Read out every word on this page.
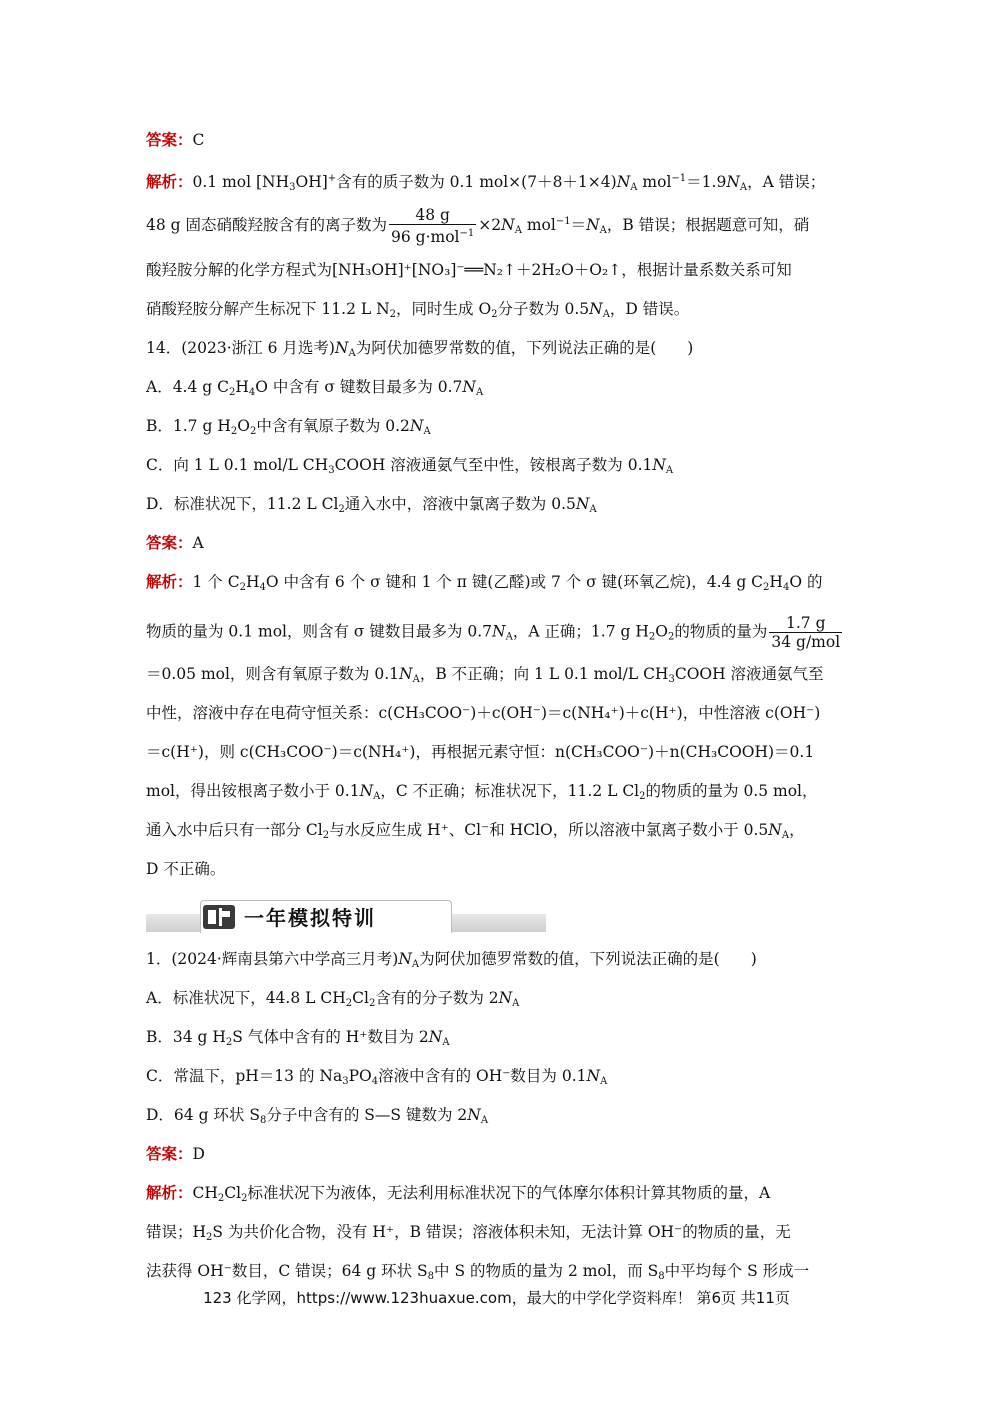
答案：C
解析：0.1 mol $[NH_3OH]^+$含有的质子数为 0.1 $mol\times(7+8+1\times 4)N_A$ $mol^{-1}=1.9N_A$，A 错误；
48 g 固态硝酸羟胺含有的离子数为 $\frac{48 g}{96 g\cdot mol^{-1}} \times 2N_A$ $mol^{-1}=N_A$，B 错误；根据题意可知，硝
酸羟胺分解的化学方程式为[NH₃OH]⁺[NO₃]⁻══N₂↑＋2H₂O＋O₂↑，根据计量系数关系可知
硝酸羟胺分解产生标况下 11.2 L $N_2$，同时生成 $O_2$分子数为 $0.5N_A$，D 错误。
14．(2023·浙江 6 月选考)$N_A$为阿伏加德罗常数的值，下列说法正确的是(　　)
A．4.4 g $C_2H_4O$ 中含有 σ 键数目最多为 $0.7N_A$
B．1.7 g $H_2O_2$中含有氧原子数为 $0.2N_A$
C．向 1 L 0.1 mol/L $CH_3COOH$ 溶液通氨气至中性，铵根离子数为 $0.1N_A$
D．标准状况下，11.2 L $Cl_2$通入水中，溶液中氯离子数为 $0.5N_A$
答案：A
解析：1 个 $C_2H_4O$ 中含有 6 个 σ 键和 1 个 π 键(乙醛)或 7 个 σ 键(环氧乙烷)，4.4 g $C_2H_4O$ 的
物质的量为 0.1 mol，则含有 σ 键数目最多为 $0.7N_A$，A 正确；1.7 g $H_2O_2$的物质的量为 $\frac{1.7 g}{\text{34 g/mol}}$
＝0.05 mol，则含有氧原子数为 $0.1N_A$，B 不正确；向 1 L 0.1 mol/L $CH_3COOH$ 溶液通氨气至
中性，溶液中存在电荷守恒关系：c(CH₃COO⁻)＋c(OH⁻)＝c(NH₄⁺)＋c(H⁺)，中性溶液 c(OH⁻)
＝c(H⁺)，则 c(CH₃COO⁻)＝c(NH₄⁺)，再根据元素守恒：n(CH₃COO⁻)＋n(CH₃COOH)＝0.1
mol，得出铵根离子数小于 $0.1N_A$，C 不正确；标准状况下，11.2 L $Cl_2$的物质的量为 0.5 mol，
通入水中后只有一部分 $Cl_2$与水反应生成 H⁺、Cl⁻和 HClO，所以溶液中氯离子数小于 $0.5N_A$，
D 不正确。
一年模拟特训
1．(2024·辉南县第六中学高三月考)$N_A$为阿伏加德罗常数的值，下列说法正确的是(　　)
A．标准状况下，44.8 L $CH_2Cl_2$含有的分子数为 $2N_A$
B．34 g $H_2S$ 气体中含有的 H⁺数目为 $2N_A$
C．常温下，pH＝13 的 $Na_3PO_4$溶液中含有的 OH⁻数目为 $0.1N_A$
D．64 g 环状 $S_8$分子中含有的 S—S 键数为 $2N_A$
答案：D
解析：$CH_2Cl_2$标准状况下为液体，无法利用标准状况下的气体摩尔体积计算其物质的量，A
错误；$H_2S$ 为共价化合物，没有 H⁺，B 错误；溶液体积未知，无法计算 OH⁻的物质的量，无
法获得 OH⁻数目，C 错误；64 g 环状 $S_8$中 S 的物质的量为 2 mol，而 $S_8$中平均每个 S 形成一
123 化学网，https://www.123huaxue.com，最大的中学化学资料库！ 第6页 共11页
